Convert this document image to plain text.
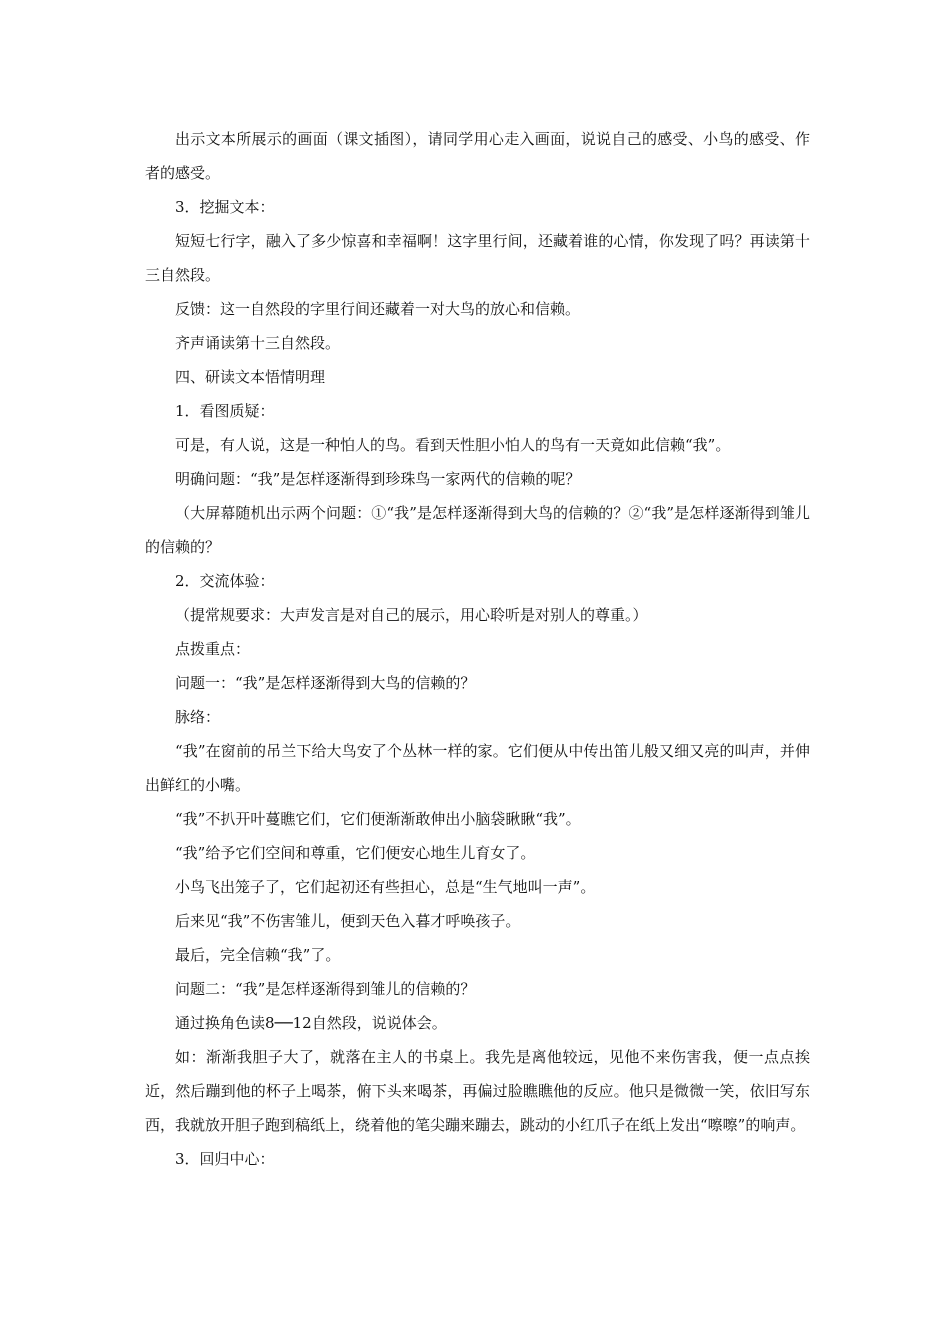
出示文本所展示的画面（课文插图），请同学用心走入画面，说说自己的感受、小鸟的感受、作者的感受。

3．挖掘文本：

短短七行字，融入了多少惊喜和幸福啊！这字里行间，还藏着谁的心情，你发现了吗？再读第十三自然段。

反馈：这一自然段的字里行间还藏着一对大鸟的放心和信赖。

齐声诵读第十三自然段。

四、研读文本悟情明理

1．看图质疑：

可是，有人说，这是一种怕人的鸟。看到天性胆小怕人的鸟有一天竟如此信赖“我”。

明确问题：“我”是怎样逐渐得到珍珠鸟一家两代的信赖的呢？

（大屏幕随机出示两个问题：①“我”是怎样逐渐得到大鸟的信赖的？②“我”是怎样逐渐得到雏儿的信赖的？

2．交流体验：

（提常规要求：大声发言是对自己的展示，用心聆听是对别人的尊重。）

点拨重点：

问题一：“我”是怎样逐渐得到大鸟的信赖的？

脉络：

“我”在窗前的吊兰下给大鸟安了个丛林一样的家。它们便从中传出笛儿般又细又亮的叫声，并伸出鲜红的小嘴。

“我”不扒开叶蔓瞧它们，它们便渐渐敢伸出小脑袋瞅瞅“我”。

“我”给予它们空间和尊重，它们便安心地生儿育女了。

小鸟飞出笼子了，它们起初还有些担心，总是“生气地叫一声”。

后来见“我”不伤害雏儿，便到天色入暮才呼唤孩子。

最后，完全信赖“我”了。

问题二：“我”是怎样逐渐得到雏儿的信赖的？

通过换角色读8──12自然段，说说体会。

如：渐渐我胆子大了，就落在主人的书桌上。我先是离他较远，见他不来伤害我，便一点点挨近，然后蹦到他的杯子上喝茶，俯下头来喝茶，再偏过脸瞧瞧他的反应。他只是微微一笑，依旧写东西，我就放开胆子跑到稿纸上，绕着他的笔尖蹦来蹦去，跳动的小红爪子在纸上发出“嚓嚓”的响声。

3．回归中心：
